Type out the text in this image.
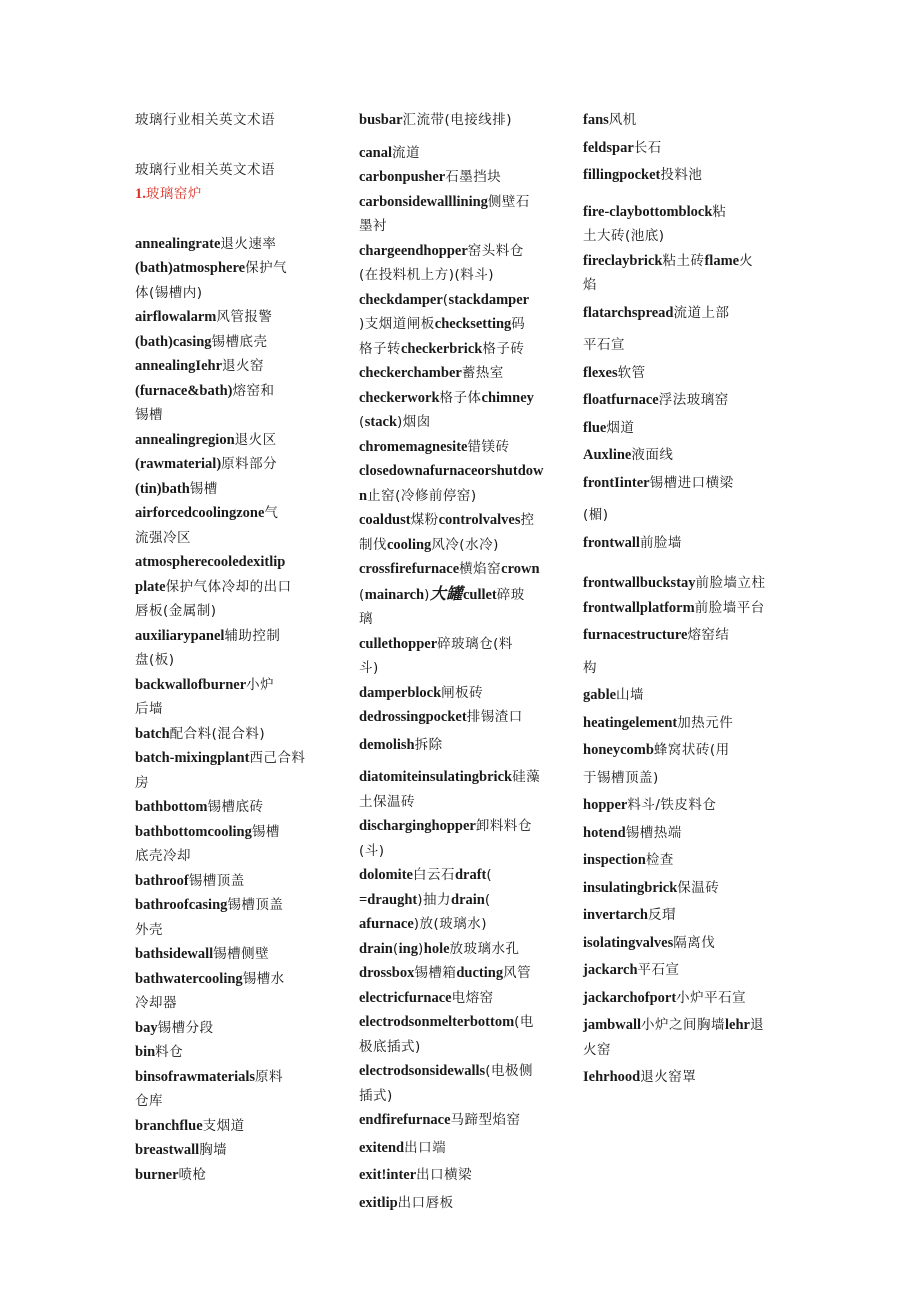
玻璃行业相关英文术语
玻璃行业相关英文术语
1.玻璃窑炉
annealingrate退火速率
(bath)atmosphere保护气
体(锡槽内)
airflowalarm风管报警
(bath)casing锡槽底壳
annealingIehr退火窑
(furnace&bath)熔窑和
锡槽
annealingregion退火区
(rawmaterial)原料部分
(tin)bath锡槽
airforcedcoolingzone气
流强冷区
atmospherecooledexitlip
plate保护气体冷却的出口
唇板(金属制)
auxiliarypanel辅助控制
盘(板)
backwallofburner小炉
后墙
batch配合料(混合料)
batch-mixingplant西己合料
房
bathbottom锡槽底砖
bathbottomcooling锡槽
底壳冷却
bathroof锡槽顶盖
bathroofcasing锡槽顶盖
外壳
bathsidewall锡槽侧壁
bathwatercooling锡槽水
冷却器
bay锡槽分段
bin料仓
binsofrawmaterials原料
仓库
branchflue支烟道
breastwall胸墙
burner喷枪
busbar汇流带(电接线排)
canal流道
carbonpusher石墨挡块
carbonsidewalllining侧壁石
墨衬
chargeendhopper窑头料仓
(在投料机上方)(料斗)
checkdamper(stackdamper
)支烟道闸板checksetting码
格子转checkerbrick格子砖
checkerchamber蓄热室
checkerwork格子体chimney
(stack)烟囱
chromemagnesite错镁砖
closedownafurnaceorshutdow
n止窑(冷修前停窑)
coaldust煤粉controlvalves控
制伐cooling风冷(水冷)
crossfirefurnace横焰窑crown
(mainarch)大罐cullet碎玻
璃
cullethopper碎玻璃仓(料
斗)
damperblock闸板砖
dedrossingpocket排锡渣口
demolish拆除
diatomiteinsulatingbrick硅藻
土保温砖
discharginghopper卸料料仓
(斗)
dolomite白云石draft(
=draught)抽力drain(
afurnace)放(玻璃水)
drain(ing)hole放玻璃水孔
drossbox锡槽箱ducting风管
electricfurnace电熔窑
electrodsonmelterbottom(电
极底插式)
electrodsonsidewalls(电极侧
插式)
endfirefurnace马蹄型焰窑
exitend出口端
exit!inter出口横梁
exitlip出口唇板
fans风机
feldspar长石
fillingpocket投料池
fire-claybottomblock粘
土大砖(池底)
fireclaybrick粘土砖flame火
焰
flatarchspread流道上部
平石宣
flexes软管
floatfurnace浮法玻璃窑
flue烟道
Auxline液面线
frontIinter锡槽进口横梁
(楣)
frontwall前脸墙
frontwallbuckstay前脸墙立柱
frontwallplatform前脸墙平台
furnacestructure熔窑结
构
gable山墙
heatingelement加热元件
honeycomb蜂窝状砖(用
于锡槽顶盖)
hopper料斗/铁皮料仓
hotend锡槽热端
inspection检查
insulatingbrick保温砖
invertarch反瑁
isolatingvalves隔离伐
jackarch平石宣
jackarchofport小炉平石宣
jambwall小炉之间胸墙lehr退
火窑
Iehrhood退火窑罩
